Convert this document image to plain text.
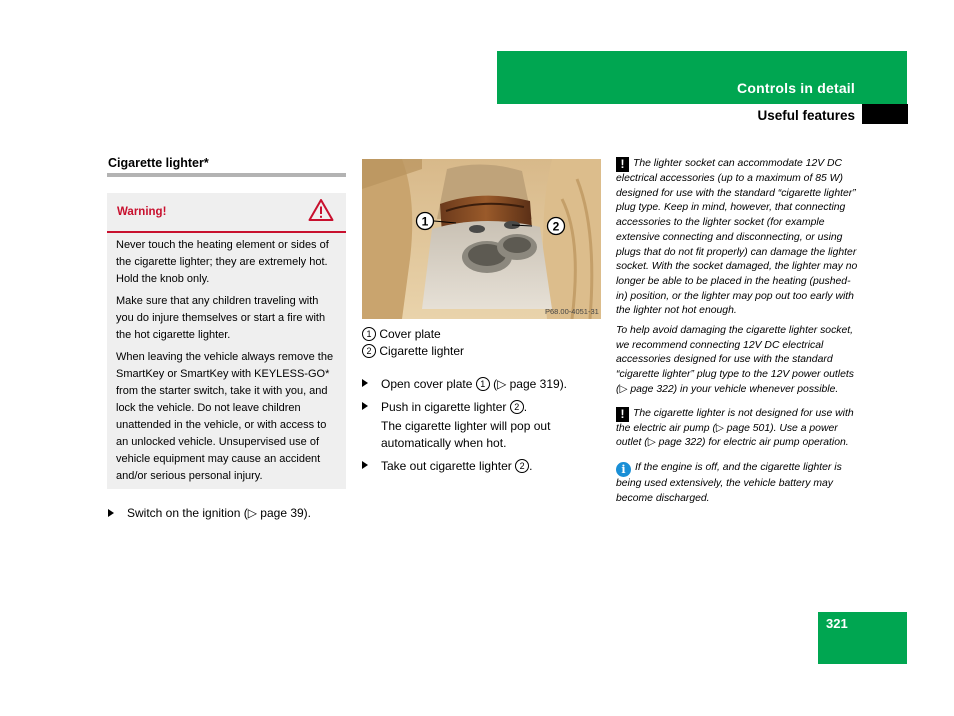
Controls in detail
Useful features
Cigarette lighter*
Warning!

Never touch the heating element or sides of the cigarette lighter; they are extremely hot. Hold the knob only.

Make sure that any children traveling with you do injure themselves or start a fire with the hot cigarette lighter.

When leaving the vehicle always remove the SmartKey or SmartKey with KEYLESS-GO* from the starter switch, take it with you, and lock the vehicle. Do not leave children unattended in the vehicle, or with access to an unlocked vehicle. Unsupervised use of vehicle equipment may cause an accident and/or serious personal injury.

Switch on the ignition (▷ page 39).
1	2
P68.00-4051-31
1 Cover plate
2 Cigarette lighter
Open cover plate 1 (▷ page 319).
Push in cigarette lighter 2 .
The cigarette lighter will pop out automatically when hot.
Take out cigarette lighter 2 .

! The lighter socket can accommodate 12V DC electrical accessories (up to a maximum of 85 W) designed for use with the standard “cigarette lighter” plug type. Keep in mind, however, that connecting accessories to the lighter socket (for example extensive connecting and disconnecting, or using plugs that do not fit properly) can damage the lighter socket. With the socket damaged, the lighter may no longer be able to be placed in the heating (pushed-in) position, or the lighter may pop out too early with the lighter not hot enough.

To help avoid damaging the cigarette lighter socket, we recommend connecting 12V DC electrical accessories designed for use with the standard “cigarette lighter” plug type to the 12V power outlets (▷ page 322) in your vehicle whenever possible.

! The cigarette lighter is not designed for use with the electric air pump (▷ page 501). Use a power outlet (▷ page 322) for electric air pump operation.

i If the engine is off, and the cigarette lighter is being used extensively, the vehicle battery may become discharged.

321
